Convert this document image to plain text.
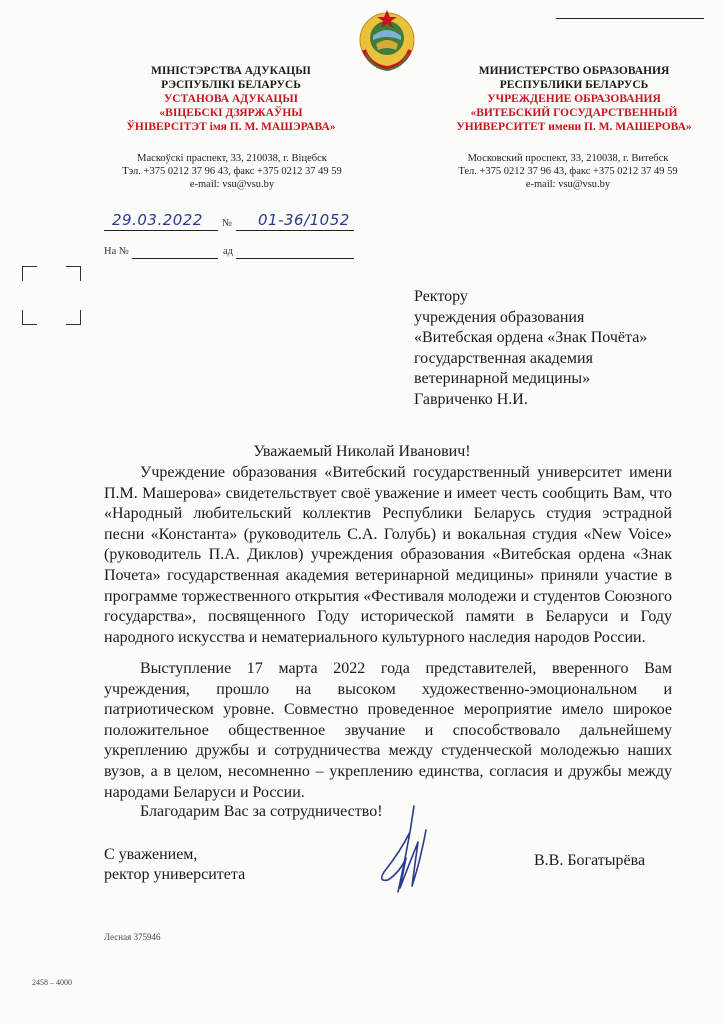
МІНІСТЭРСТВА АДУКАЦЫІ
РЭСПУБЛІКІ БЕЛАРУСЬ
УСТАНОВА АДУКАЦЫІ
«ВІЦЕБСКІ ДЗЯРЖАЎНЫ
ЎНІВЕРСІТЭТ імя П. М. МАШЭРАВА»
МИНИСТЕРСТВО ОБРАЗОВАНИЯ
РЕСПУБЛИКИ БЕЛАРУСЬ
УЧРЕЖДЕНИЕ ОБРАЗОВАНИЯ
«ВИТЕБСКИЙ ГОСУДАРСТВЕННЫЙ
УНИВЕРСИТЕТ имени П. М. МАШЕРОВА»
Маскоўскі праспект, 33, 210038, г. Віцебск
Тэл. +375 0212 37 96 43, факс +375 0212 37 49 59
e-mail: vsu@vsu.by
Московский проспект, 33, 210038, г. Витебск
Тел. +375 0212 37 96 43, факс +375 0212 37 49 59
e-mail: vsu@vsu.by
29.03.2022 № 01-36/1052
На №	ад
Ректору
учреждения образования
«Витебская ордена «Знак Почёта»
государственная академия
ветеринарной медицины»
Гавриченко Н.И.
Уважаемый Николай Иванович!

Учреждение образования «Витебский государственный университет имени П.М. Машерова» свидетельствует своё уважение и имеет честь сообщить Вам, что «Народный любительский коллектив Республики Беларусь студия эстрадной песни «Константа» (руководитель С.А. Голубь) и вокальная студия «New Voice» (руководитель П.А. Диклов) учреждения образования «Витебская ордена «Знак Почета» государственная академия ветеринарной медицины» приняли участие в программе торжественного открытия «Фестиваля молодежи и студентов Союзного государства», посвященного Году исторической памяти в Беларуси и Году народного искусства и нематериального культурного наследия народов России.

Выступление 17 марта 2022 года представителей, вверенного Вам учреждения, прошло на высоком художественно-эмоциональном и патриотическом уровне. Совместно проведенное мероприятие имело широкое положительное общественное звучание и способствовало дальнейшему укреплению дружбы и сотрудничества между студенческой молодежью наших вузов, а в целом, несомненно – укреплению единства, согласия и дружбы между народами Беларуси и России.

Благодарим Вас за сотрудничество!
С уважением,
ректор университета
В.В. Богатырёва
Лесная 375946
2458 – 4000
